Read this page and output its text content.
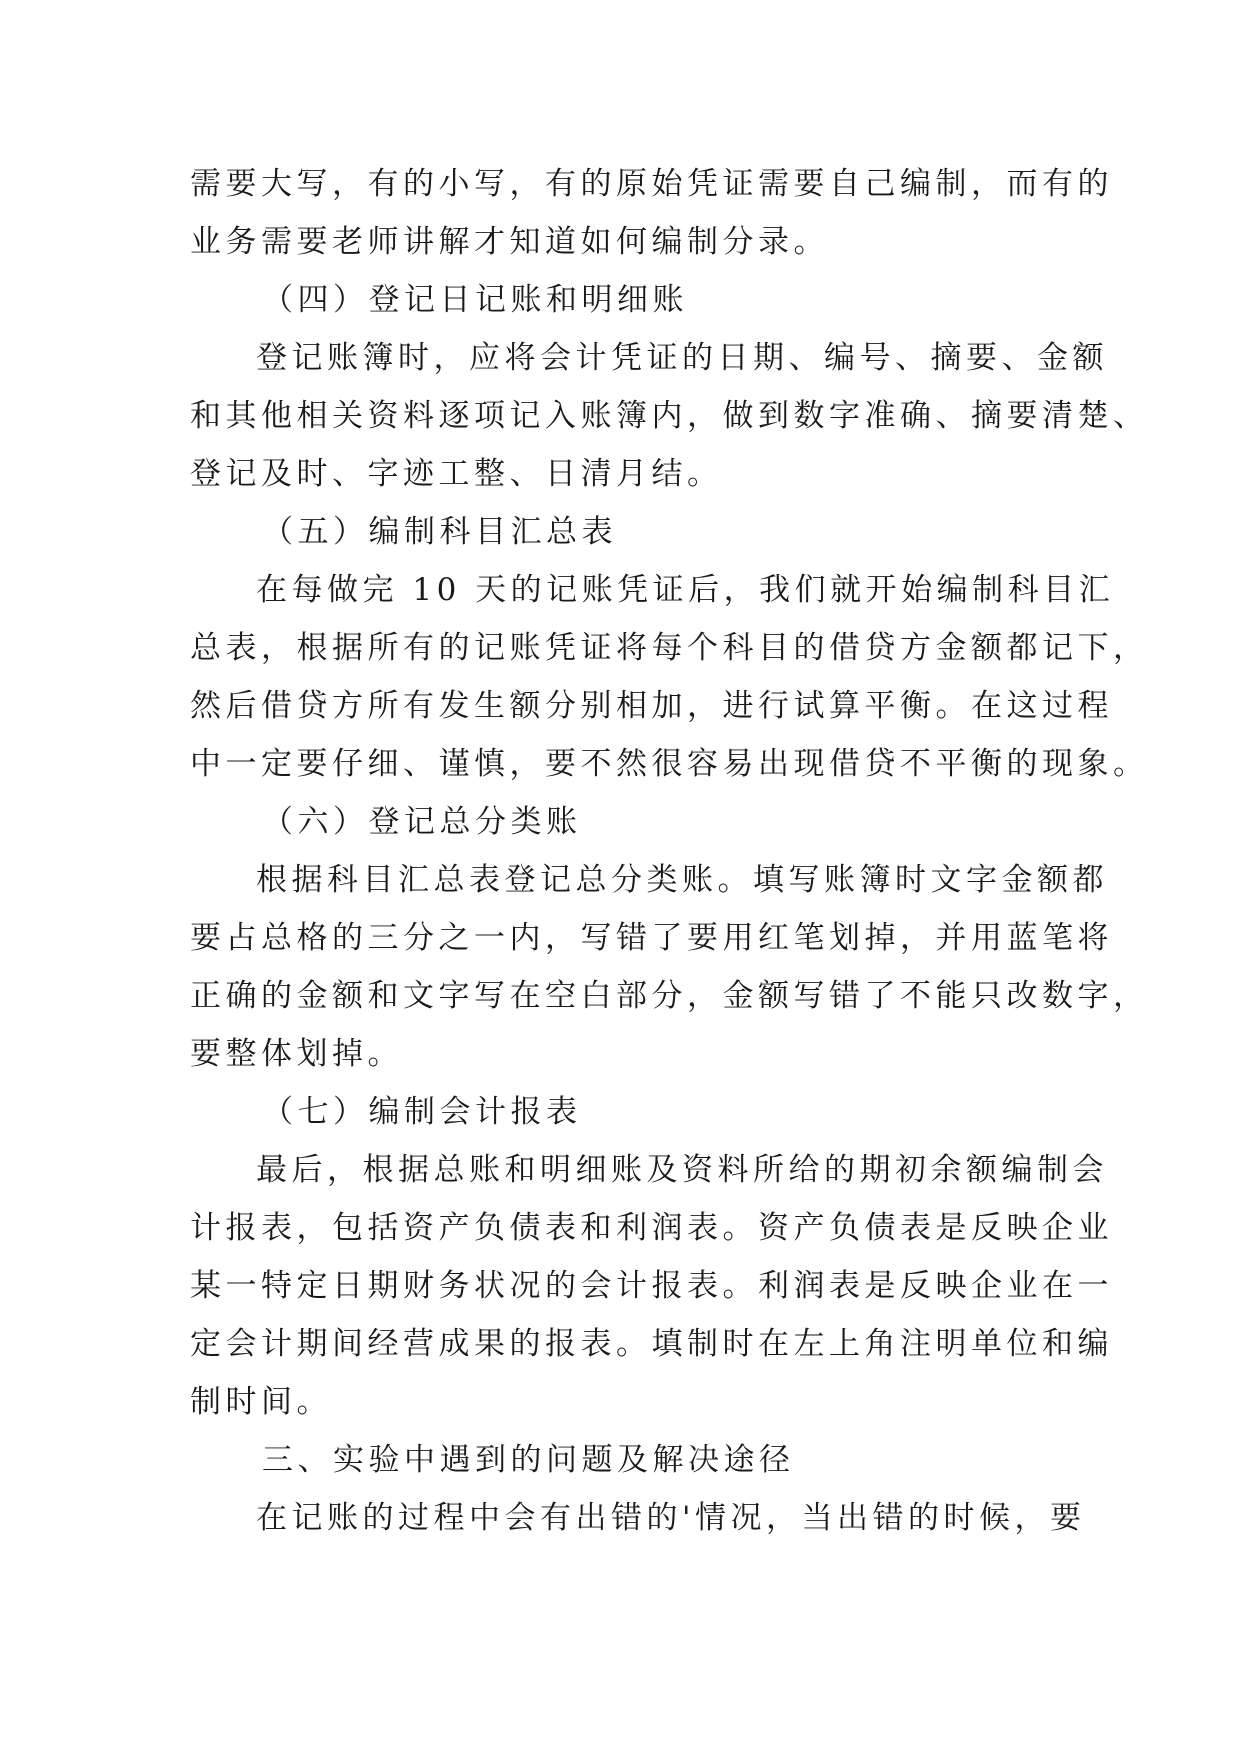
需要大写，有的小写，有的原始凭证需要自己编制，而有的
业务需要老师讲解才知道如何编制分录。
（四）登记日记账和明细账
登记账簿时，应将会计凭证的日期、编号、摘要、金额
和其他相关资料逐项记入账簿内，做到数字准确、摘要清楚、
登记及时、字迹工整、日清月结。
（五）编制科目汇总表
在每做完 10 天的记账凭证后，我们就开始编制科目汇
总表，根据所有的记账凭证将每个科目的借贷方金额都记下，
然后借贷方所有发生额分别相加，进行试算平衡。在这过程
中一定要仔细、谨慎，要不然很容易出现借贷不平衡的现象。
（六）登记总分类账
根据科目汇总表登记总分类账。填写账簿时文字金额都
要占总格的三分之一内，写错了要用红笔划掉，并用蓝笔将
正确的金额和文字写在空白部分，金额写错了不能只改数字，
要整体划掉。
（七）编制会计报表
最后，根据总账和明细账及资料所给的期初余额编制会
计报表，包括资产负债表和利润表。资产负债表是反映企业
某一特定日期财务状况的会计报表。利润表是反映企业在一
定会计期间经营成果的报表。填制时在左上角注明单位和编
制时间。
三、实验中遇到的问题及解决途径
在记账的过程中会有出错的'情况，当出错的时候，要
